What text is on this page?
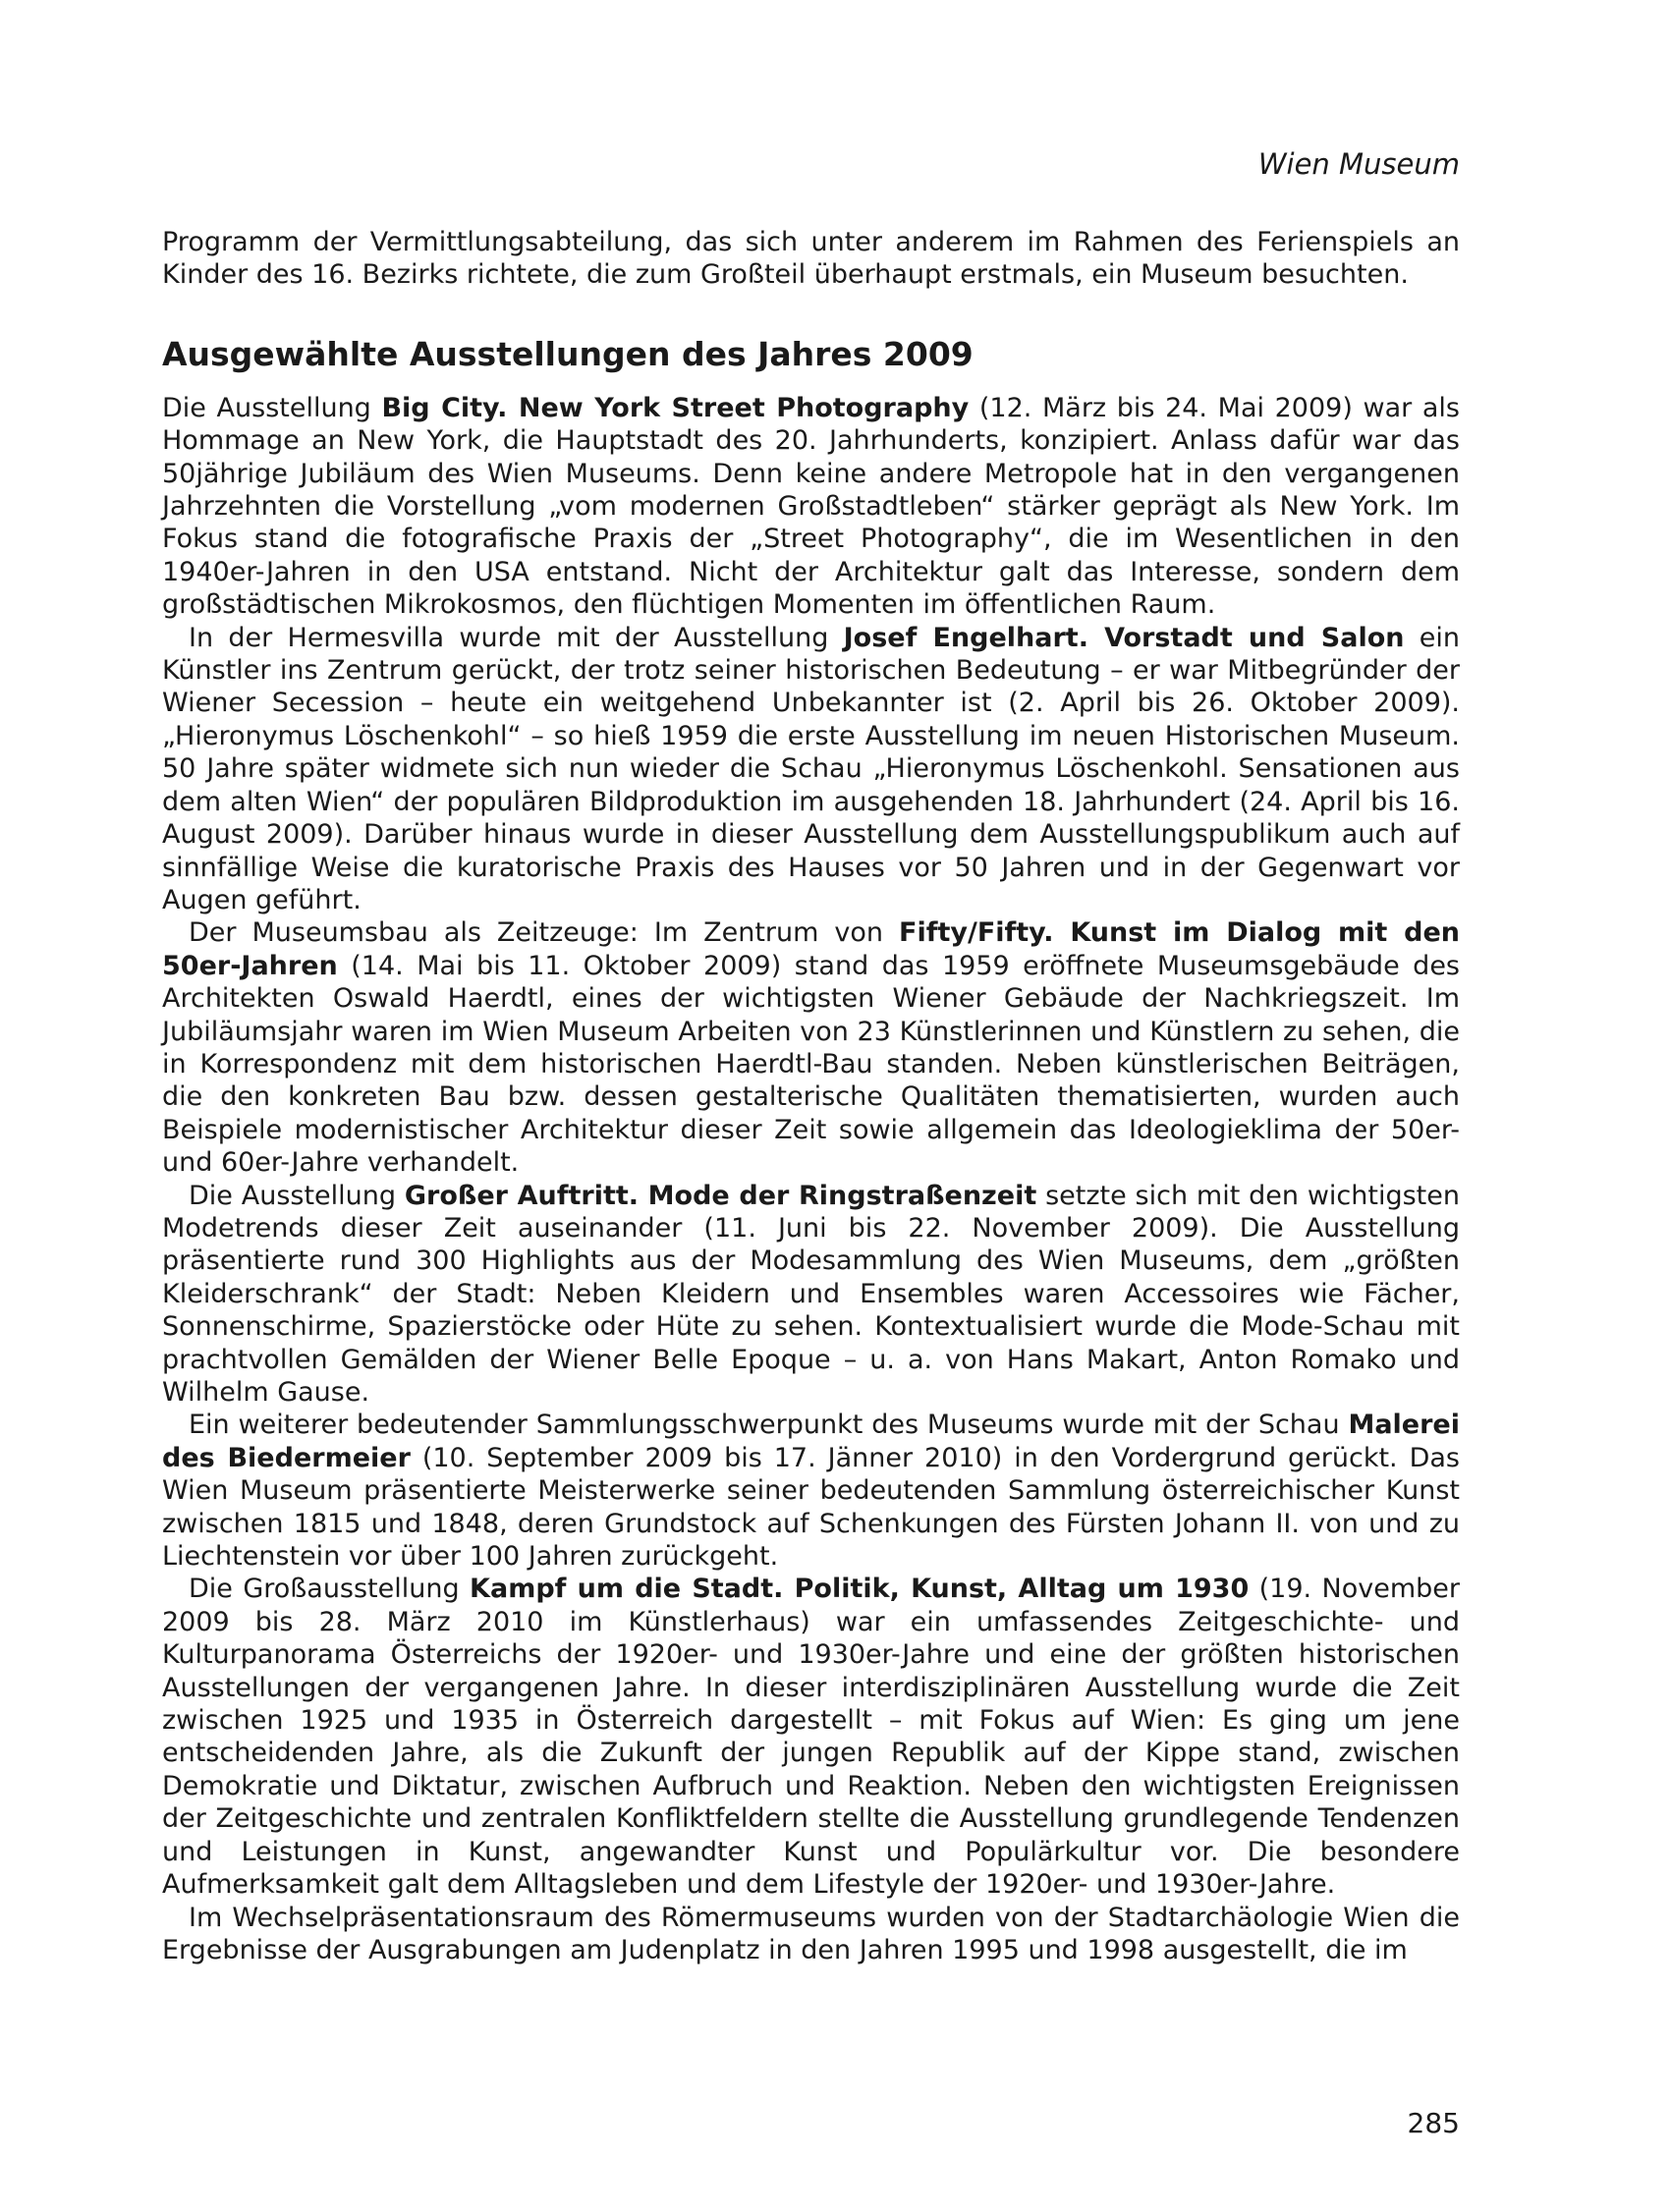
Wien Museum

Programm der Vermittlungsabteilung, das sich unter anderem im Rahmen des Ferienspiels an Kinder des 16. Bezirks richtete, die zum Großteil überhaupt erstmals, ein Museum besuchten.

Ausgewählte Ausstellungen des Jahres 2009

Die Ausstellung Big City. New York Street Photography (12. März bis 24. Mai 2009) war als Hommage an New York, die Hauptstadt des 20. Jahrhunderts, konzipiert. Anlass dafür war das 50jährige Jubiläum des Wien Museums. Denn keine andere Metropole hat in den vergangenen Jahrzehnten die Vorstellung „vom modernen Großstadtleben“ stärker geprägt als New York. Im Fokus stand die fotografische Praxis der „Street Photography“, die im Wesentlichen in den 1940er-Jahren in den USA entstand. Nicht der Architektur galt das Interesse, sondern dem großstädtischen Mikrokosmos, den flüchtigen Momenten im öffentlichen Raum.

In der Hermesvilla wurde mit der Ausstellung Josef Engelhart. Vorstadt und Salon ein Künstler ins Zentrum gerückt, der trotz seiner historischen Bedeutung – er war Mitbegründer der Wiener Secession – heute ein weitgehend Unbekannter ist (2. April bis 26. Oktober 2009). „Hieronymus Löschenkohl“ – so hieß 1959 die erste Ausstellung im neuen Historischen Museum. 50 Jahre später widmete sich nun wieder die Schau „Hieronymus Löschenkohl. Sensationen aus dem alten Wien“ der populären Bildproduktion im ausgehenden 18. Jahrhundert (24. April bis 16. August 2009). Darüber hinaus wurde in dieser Ausstellung dem Ausstellungspublikum auch auf sinnfällige Weise die kuratorische Praxis des Hauses vor 50 Jahren und in der Gegenwart vor Augen geführt.

Der Museumsbau als Zeitzeuge: Im Zentrum von Fifty/Fifty. Kunst im Dialog mit den 50er-Jahren (14. Mai bis 11. Oktober 2009) stand das 1959 eröffnete Museumsgebäude des Architekten Oswald Haerdtl, eines der wichtigsten Wiener Gebäude der Nachkriegszeit. Im Jubiläumsjahr waren im Wien Museum Arbeiten von 23 Künstlerinnen und Künstlern zu sehen, die in Korrespondenz mit dem historischen Haerdtl-Bau standen. Neben künstlerischen Beiträgen, die den konkreten Bau bzw. dessen gestalterische Qualitäten thematisierten, wurden auch Beispiele modernistischer Architektur dieser Zeit sowie allgemein das Ideologieklima der 50er- und 60er-Jahre verhandelt.

Die Ausstellung Großer Auftritt. Mode der Ringstraßenzeit setzte sich mit den wichtigsten Modetrends dieser Zeit auseinander (11. Juni bis 22. November 2009). Die Ausstellung präsentierte rund 300 Highlights aus der Modesammlung des Wien Museums, dem „größten Kleiderschrank“ der Stadt: Neben Kleidern und Ensembles waren Accessoires wie Fächer, Sonnenschirme, Spazierstöcke oder Hüte zu sehen. Kontextualisiert wurde die Mode-Schau mit prachtvollen Gemälden der Wiener Belle Epoque – u. a. von Hans Makart, Anton Romako und Wilhelm Gause.

Ein weiterer bedeutender Sammlungsschwerpunkt des Museums wurde mit der Schau Malerei des Biedermeier (10. September 2009 bis 17. Jänner 2010) in den Vordergrund gerückt. Das Wien Museum präsentierte Meisterwerke seiner bedeutenden Sammlung österreichischer Kunst zwischen 1815 und 1848, deren Grundstock auf Schenkungen des Fürsten Johann II. von und zu Liechtenstein vor über 100 Jahren zurückgeht.

Die Großausstellung Kampf um die Stadt. Politik, Kunst, Alltag um 1930 (19. November 2009 bis 28. März 2010 im Künstlerhaus) war ein umfassendes Zeitgeschichte- und Kulturpanorama Österreichs der 1920er- und 1930er-Jahre und eine der größten historischen Ausstellungen der vergangenen Jahre. In dieser interdisziplinären Ausstellung wurde die Zeit zwischen 1925 und 1935 in Österreich dargestellt – mit Fokus auf Wien: Es ging um jene entscheidenden Jahre, als die Zukunft der jungen Republik auf der Kippe stand, zwischen Demokratie und Diktatur, zwischen Aufbruch und Reaktion. Neben den wichtigsten Ereignissen der Zeitgeschichte und zentralen Konfliktfeldern stellte die Ausstellung grundlegende Tendenzen und Leistungen in Kunst, angewandter Kunst und Populärkultur vor. Die besondere Aufmerksamkeit galt dem Alltagsleben und dem Lifestyle der 1920er- und 1930er-Jahre.

Im Wechselpräsentationsraum des Römermuseums wurden von der Stadtarchäologie Wien die Ergebnisse der Ausgrabungen am Judenplatz in den Jahren 1995 und 1998 ausgestellt, die im

285
